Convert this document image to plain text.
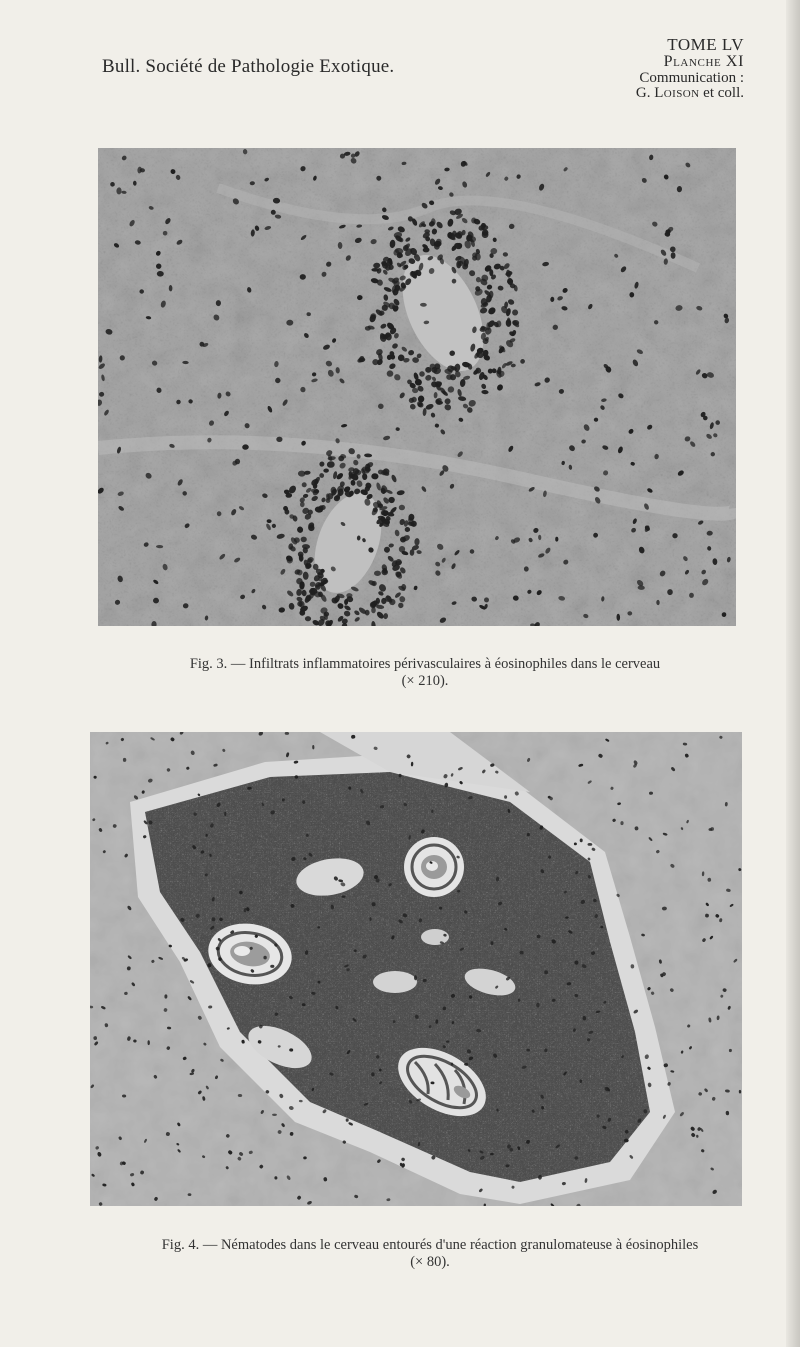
Bull. Société de Pathologie Exotique.
TOME LV
Planche XI
Communication :
G. Loison et coll.
Fig. 3. — Infiltrats inflammatoires périvasculaires à éosinophiles dans le cerveau
(× 210).
Fig. 4. — Nématodes dans le cerveau entourés d'une réaction granulomateuse à éosinophiles
(× 80).
